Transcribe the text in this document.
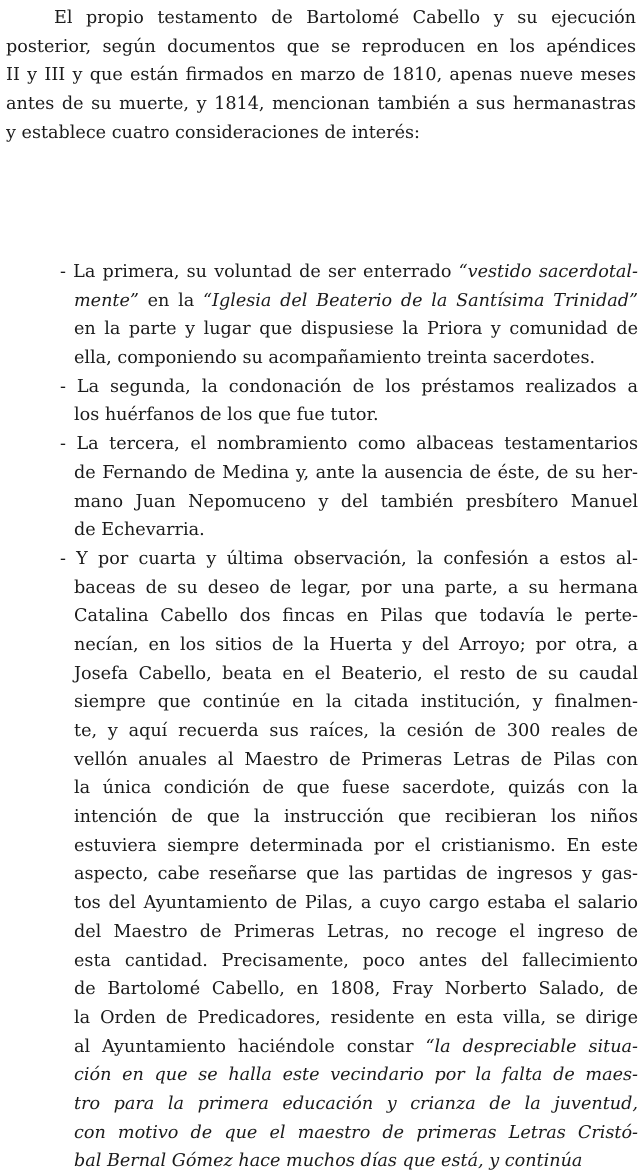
El propio testamento de Bartolomé Cabello y su ejecución
posterior, según documentos que se reproducen en los apéndices
II y III y que están firmados en marzo de 1810, apenas nueve meses
antes de su muerte, y 1814, mencionan también a sus hermanastras
y establece cuatro consideraciones de interés:
- La primera, su voluntad de ser enterrado “vestido sacerdotal-
mente” en la “Iglesia del Beaterio de la Santísima Trinidad”
en la parte y lugar que dispusiese la Priora y comunidad de
ella, componiendo su acompañamiento treinta sacerdotes.
- La segunda, la condonación de los préstamos realizados a
los huérfanos de los que fue tutor.
- La tercera, el nombramiento como albaceas testamentarios
de Fernando de Medina y, ante la ausencia de éste, de su her-
mano Juan Nepomuceno y del también presbítero Manuel
de Echevarria.
- Y por cuarta y última observación, la confesión a estos al-
baceas de su deseo de legar, por una parte, a su hermana
Catalina Cabello dos fincas en Pilas que todavía le perte-
necían, en los sitios de la Huerta y del Arroyo; por otra, a
Josefa Cabello, beata en el Beaterio, el resto de su caudal
siempre que continúe en la citada institución, y finalmen-
te, y aquí recuerda sus raíces, la cesión de 300 reales de
vellón anuales al Maestro de Primeras Letras de Pilas con
la única condición de que fuese sacerdote, quizás con la
intención de que la instrucción que recibieran los niños
estuviera siempre determinada por el cristianismo. En este
aspecto, cabe reseñarse que las partidas de ingresos y gas-
tos del Ayuntamiento de Pilas, a cuyo cargo estaba el salario
del Maestro de Primeras Letras, no recoge el ingreso de
esta cantidad. Precisamente, poco antes del fallecimiento
de Bartolomé Cabello, en 1808, Fray Norberto Salado, de
la Orden de Predicadores, residente en esta villa, se dirige
al Ayuntamiento haciéndole constar “la despreciable situa-
ción en que se halla este vecindario por la falta de maes-
tro para la primera educación y crianza de la juventud,
con motivo de que el maestro de primeras Letras Cristó-
bal Bernal Gómez hace muchos días que está, y continúa
